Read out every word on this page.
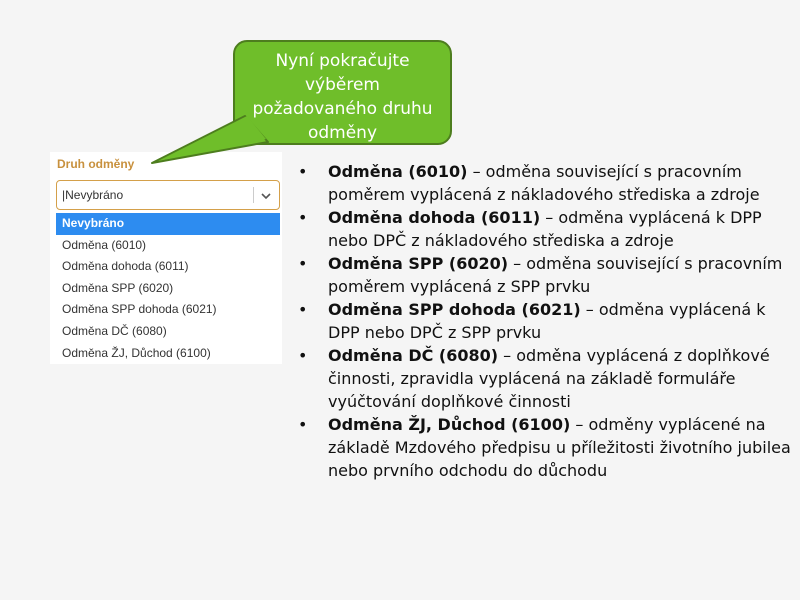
Nyní pokračujte
výběrem
požadovaného druhu
odměny
Druh odměny
| Nevybráno
Nevybráno
Odměna (6010)
Odměna dohoda (6011)
Odměna SPP (6020)
Odměna SPP dohoda (6021)
Odměna DČ (6080)
Odměna ŽJ, Důchod (6100)
• Odměna (6010) – odměna související s pracovním poměrem vyplácená z nákladového střediska a zdroje
• Odměna dohoda (6011) – odměna vyplácená k DPP nebo DPČ z nákladového střediska a zdroje
• Odměna SPP (6020) – odměna související s pracovním poměrem vyplácená z SPP prvku
• Odměna SPP dohoda (6021) – odměna vyplácená k DPP nebo DPČ z SPP prvku
• Odměna DČ (6080) – odměna vyplácená z doplňkové činnosti, zpravidla vyplácená na základě formuláře vyúčtování doplňkové činnosti
• Odměna ŽJ, Důchod (6100) – odměny vyplácené na základě Mzdového předpisu u příležitosti životního jubilea nebo prvního odchodu do důchodu
